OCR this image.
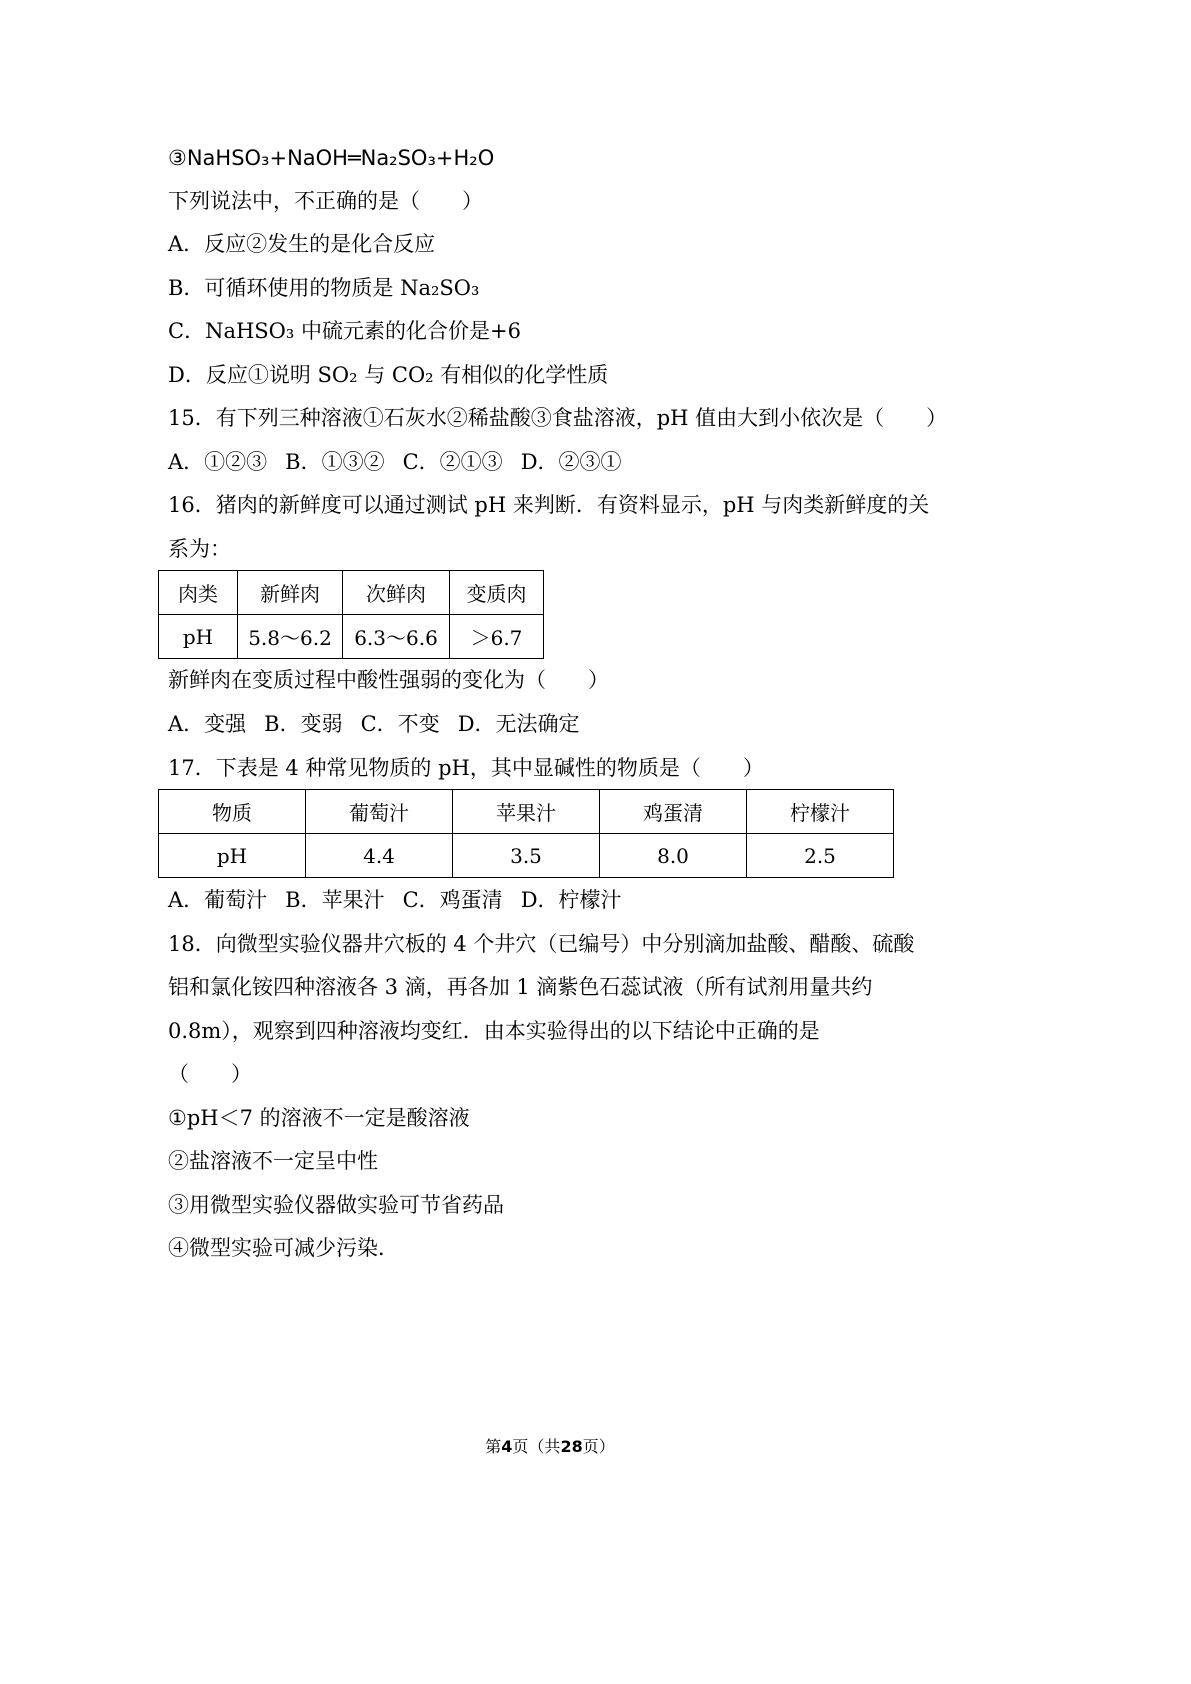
③NaHSO₃+NaOH═Na₂SO₃+H₂O
下列说法中，不正确的是（　　）
A．反应②发生的是化合反应
B．可循环使用的物质是 Na₂SO₃
C．NaHSO₃ 中硫元素的化合价是+6
D．反应①说明 SO₂ 与 CO₂ 有相似的化学性质
15．有下列三种溶液①石灰水②稀盐酸③食盐溶液，pH 值由大到小依次是（　　）
A．①②③ B．①③② C．②①③ D．②③①
16．猪肉的新鲜度可以通过测试 pH 来判断．有资料显示，pH 与肉类新鲜度的关
系为：
肉类	新鲜肉	次鲜肉	变质肉
pH	5.8～6.2	6.3～6.6	＞6.7
新鲜肉在变质过程中酸性强弱的变化为（　　）
A．变强 B．变弱 C．不变 D．无法确定
17．下表是 4 种常见物质的 pH，其中显碱性的物质是（　　）
物质	葡萄汁	苹果汁	鸡蛋清	柠檬汁
pH	4.4	3.5	8.0	2.5
A．葡萄汁 B．苹果汁 C．鸡蛋清 D．柠檬汁
18．向微型实验仪器井穴板的 4 个井穴（已编号）中分别滴加盐酸、醋酸、硫酸
铝和氯化铵四种溶液各 3 滴，再各加 1 滴紫色石蕊试液（所有试剂用量共约
0.8m），观察到四种溶液均变红．由本实验得出的以下结论中正确的是
（　　）
①pH＜7 的溶液不一定是酸溶液
②盐溶液不一定呈中性
③用微型实验仪器做实验可节省药品
④微型实验可减少污染．
第4页（共28页）
